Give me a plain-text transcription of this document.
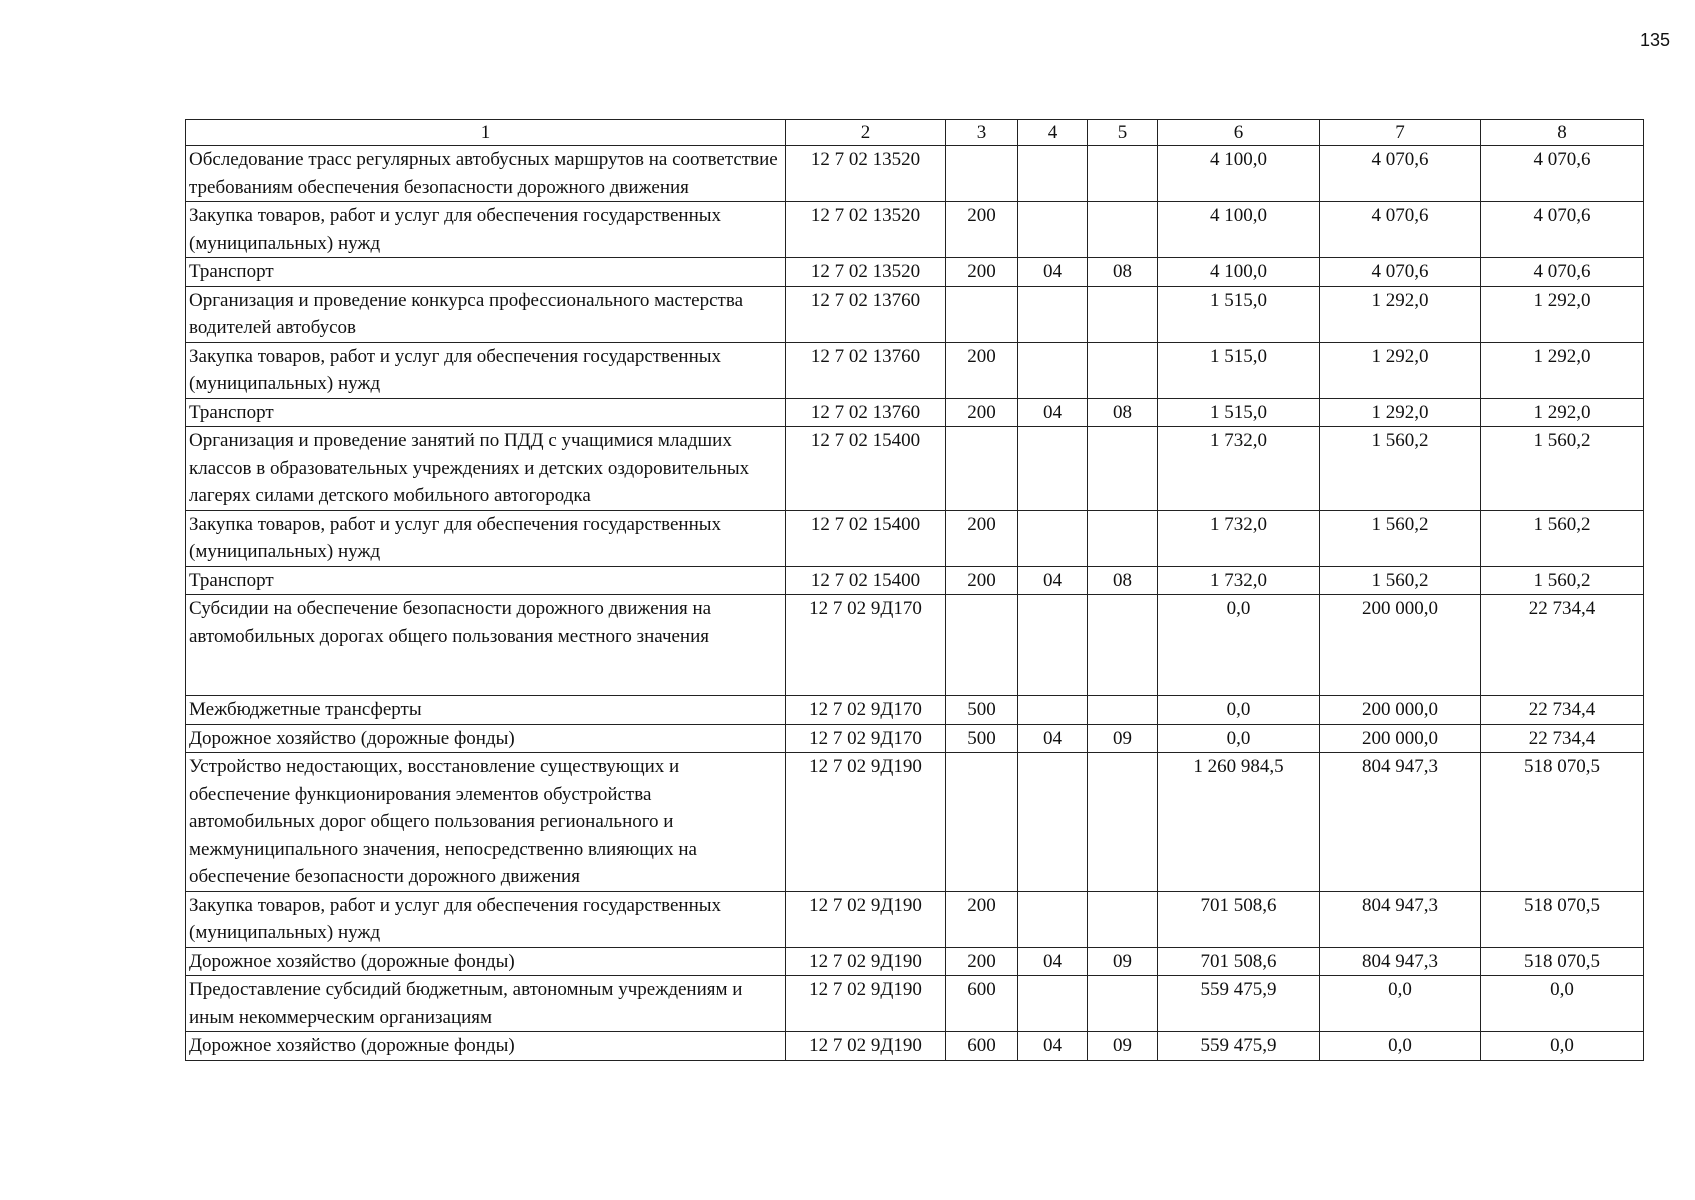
135
1	2	3	4	5	6	7	8
Обследование трасс регулярных автобусных маршрутов на соответствие требованиям обеспечения безопасности дорожного движения	12 7 02 13520				4 100,0	4 070,6	4 070,6
Закупка товаров, работ и услуг для обеспечения государственных (муниципальных) нужд	12 7 02 13520	200			4 100,0	4 070,6	4 070,6
Транспорт	12 7 02 13520	200	04	08	4 100,0	4 070,6	4 070,6
Организация и проведение конкурса профессионального мастерства водителей автобусов	12 7 02 13760				1 515,0	1 292,0	1 292,0
Закупка товаров, работ и услуг для обеспечения государственных (муниципальных) нужд	12 7 02 13760	200			1 515,0	1 292,0	1 292,0
Транспорт	12 7 02 13760	200	04	08	1 515,0	1 292,0	1 292,0
Организация и проведение занятий по ПДД с учащимися младших классов в образовательных учреждениях и детских оздоровительных лагерях силами детского мобильного автогородка	12 7 02 15400				1 732,0	1 560,2	1 560,2
Закупка товаров, работ и услуг для обеспечения государственных (муниципальных) нужд	12 7 02 15400	200			1 732,0	1 560,2	1 560,2
Транспорт	12 7 02 15400	200	04	08	1 732,0	1 560,2	1 560,2
Субсидии на обеспечение безопасности дорожного движения на автомобильных дорогах общего пользования местного значения	12 7 02 9Д170				0,0	200 000,0	22 734,4
Межбюджетные трансферты	12 7 02 9Д170	500			0,0	200 000,0	22 734,4
Дорожное хозяйство (дорожные фонды)	12 7 02 9Д170	500	04	09	0,0	200 000,0	22 734,4
Устройство недостающих, восстановление существующих и обеспечение функционирования элементов обустройства автомобильных дорог общего пользования регионального и межмуниципального значения, непосредственно влияющих на обеспечение безопасности дорожного движения	12 7 02 9Д190				1 260 984,5	804 947,3	518 070,5
Закупка товаров, работ и услуг для обеспечения государственных (муниципальных) нужд	12 7 02 9Д190	200			701 508,6	804 947,3	518 070,5
Дорожное хозяйство (дорожные фонды)	12 7 02 9Д190	200	04	09	701 508,6	804 947,3	518 070,5
Предоставление субсидий бюджетным, автономным учреждениям и иным некоммерческим организациям	12 7 02 9Д190	600			559 475,9	0,0	0,0
Дорожное хозяйство (дорожные фонды)	12 7 02 9Д190	600	04	09	559 475,9	0,0	0,0
